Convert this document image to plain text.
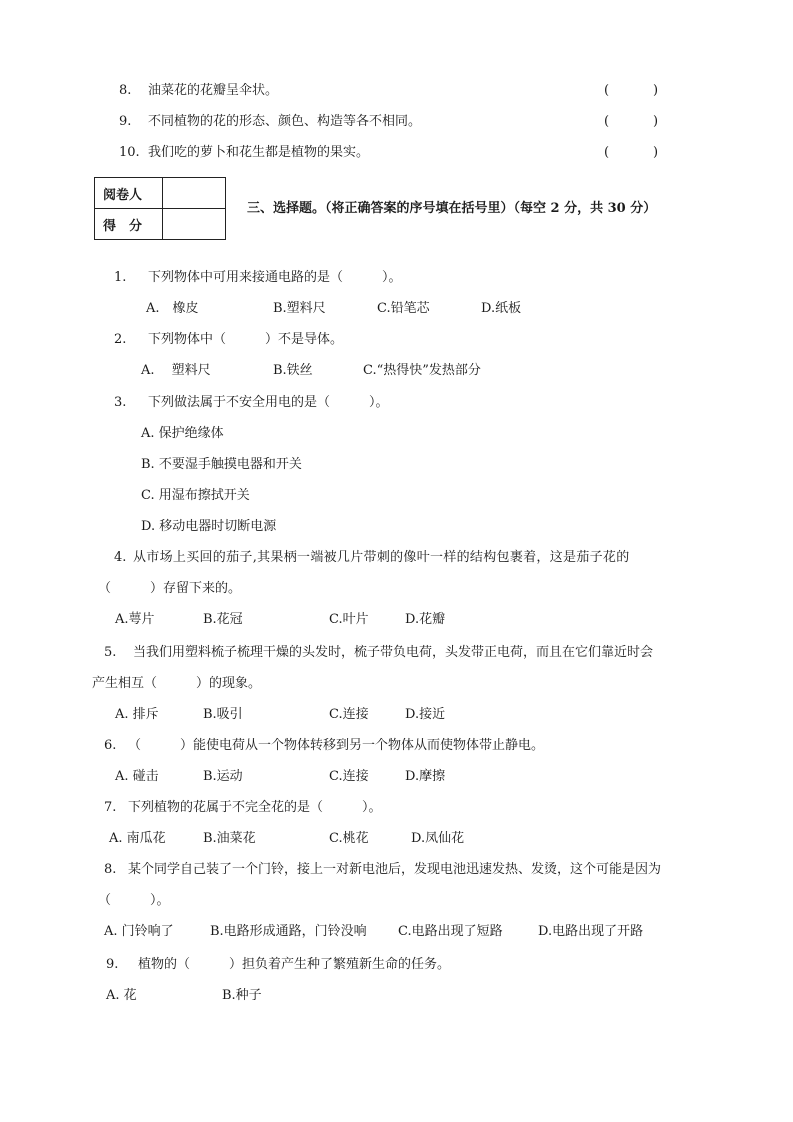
8. 油菜花的花瓣呈伞状。	(	)
9. 不同植物的花的形态、颜色、构造等各不相同。	(	)
10. 我们吃的萝卜和花生都是植物的果实。	(	)
阅卷人	
得　分	
三、选择题。（将正确答案的序号填在括号里）（每空 2 分，共 30 分）
1. 下列物体中可用来接通电路的是（　　　）。
A.　橡皮	B.塑料尺	C.铅笔芯	D.纸板
2. 下列物体中（　　　）不是导体。
A.　 塑料尺	B.铁丝	C.“热得快”发热部分
3. 下列做法属于不安全用电的是（　　　）。
A. 保护绝缘体
B. 不要湿手触摸电器和开关
C. 用湿布擦拭开关
D. 移动电器时切断电源
4. 从市场上买回的茄子,其果柄一端被几片带刺的像叶一样的结构包裹着，这是茄子花的
（　　　）存留下来的。
A.萼片	B.花冠	C.叶片	D.花瓣
5. 当我们用塑料梳子梳理干燥的头发时，梳子带负电荷，头发带正电荷，而且在它们靠近时会
产生相互（　　　）的现象。
A. 排斥	B.吸引	C.连接	D.接近
6. （　　　）能使电荷从一个物体转移到另一个物体从而使物体带止静电。
A. 碰击	B.运动	C.连接	D.摩擦
7. 下列植物的花属于不完全花的是（　　　）。
A. 南瓜花	B.油菜花	C.桃花	D.凤仙花
8. 某个同学自己装了一个门铃，接上一对新电池后，发现电池迅速发热、发烫，这个可能是因为
（　　　）。
A. 门铃响了	B.电路形成通路，门铃没响 C.电路出现了短路	D.电路出现了开路
9. 植物的（　　　）担负着产生种了繁殖新生命的任务。
A. 花	B.种子
